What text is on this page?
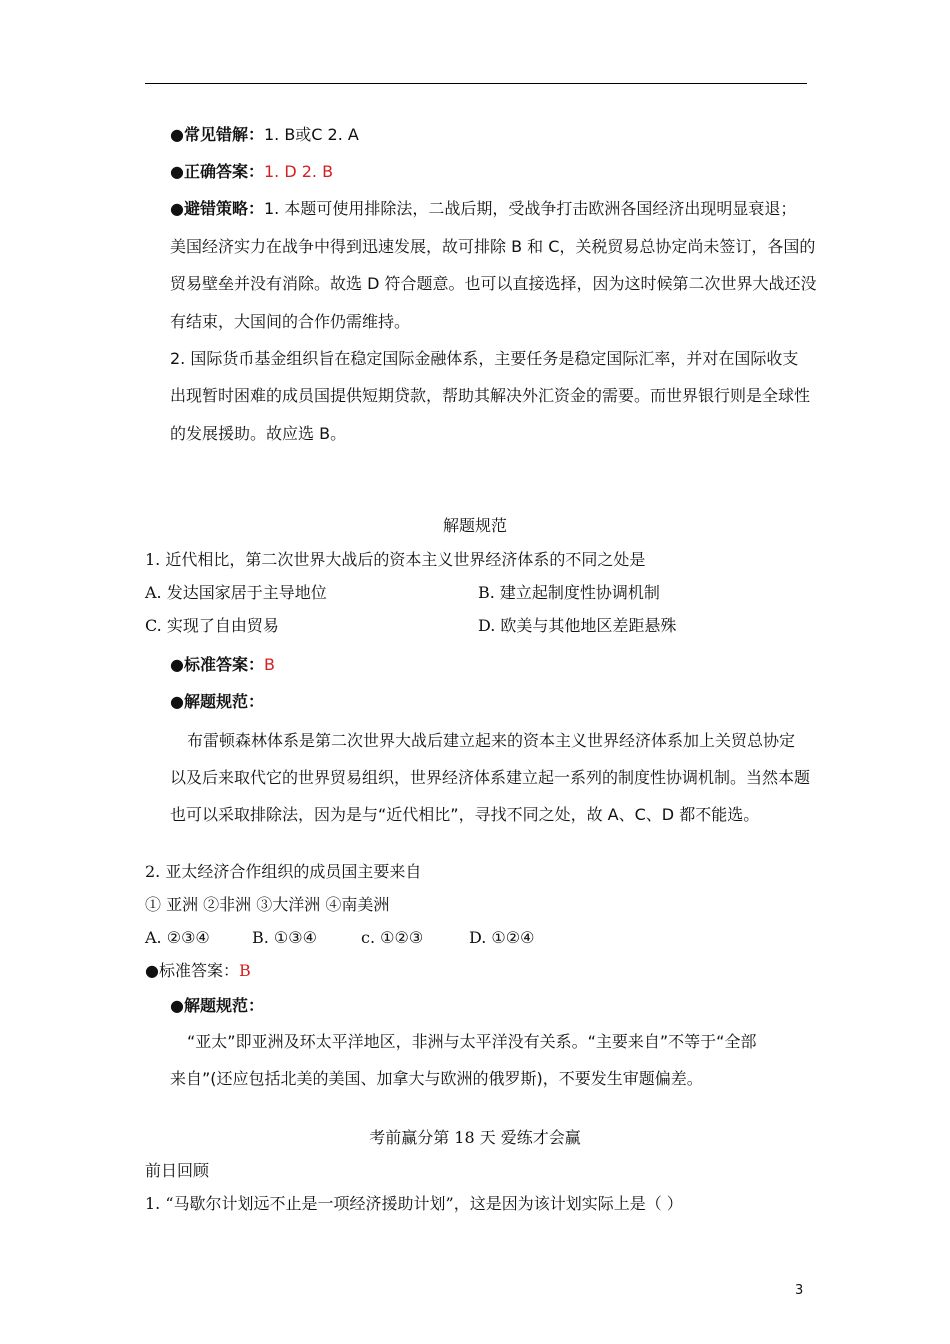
●常见错解：1. B或C 2. A
●正确答案：1. D 2. B
●避错策略：1. 本题可使用排除法，二战后期，受战争打击欧洲各国经济出现明显衰退；
美国经济实力在战争中得到迅速发展，故可排除 B 和 C，关税贸易总协定尚未签订，各国的
贸易壁垒并没有消除。故选 D 符合题意。也可以直接选择，因为这时候第二次世界大战还没
有结束，大国间的合作仍需维持。
2. 国际货币基金组织旨在稳定国际金融体系，主要任务是稳定国际汇率，并对在国际收支
出现暂时困难的成员国提供短期贷款，帮助其解决外汇资金的需要。而世界银行则是全球性
的发展援助。故应选 B。
解题规范
1. 近代相比，第二次世界大战后的资本主义世界经济体系的不同之处是
A. 发达国家居于主导地位	B. 建立起制度性协调机制
C. 实现了自由贸易	D. 欧美与其他地区差距悬殊
●标准答案：B
●解题规范：
布雷顿森林体系是第二次世界大战后建立起来的资本主义世界经济体系加上关贸总协定
以及后来取代它的世界贸易组织，世界经济体系建立起一系列的制度性协调机制。当然本题
也可以采取排除法，因为是与“近代相比”，寻找不同之处，故 A、C、D 都不能选。
2. 亚太经济合作组织的成员国主要来自
① 亚洲 ②非洲 ③大洋洲 ④南美洲
A. ②③④	B. ①③④	c. ①②③	D. ①②④
●标准答案：B
●解题规范：
“亚太”即亚洲及环太平洋地区，非洲与太平洋没有关系。“主要来自”不等于“全部
来自”(还应包括北美的美国、加拿大与欧洲的俄罗斯)，不要发生审题偏差。
考前赢分第 18 天 爱练才会赢
前日回顾
1. “马歇尔计划远不止是一项经济援助计划”，这是因为该计划实际上是（ ）
3
